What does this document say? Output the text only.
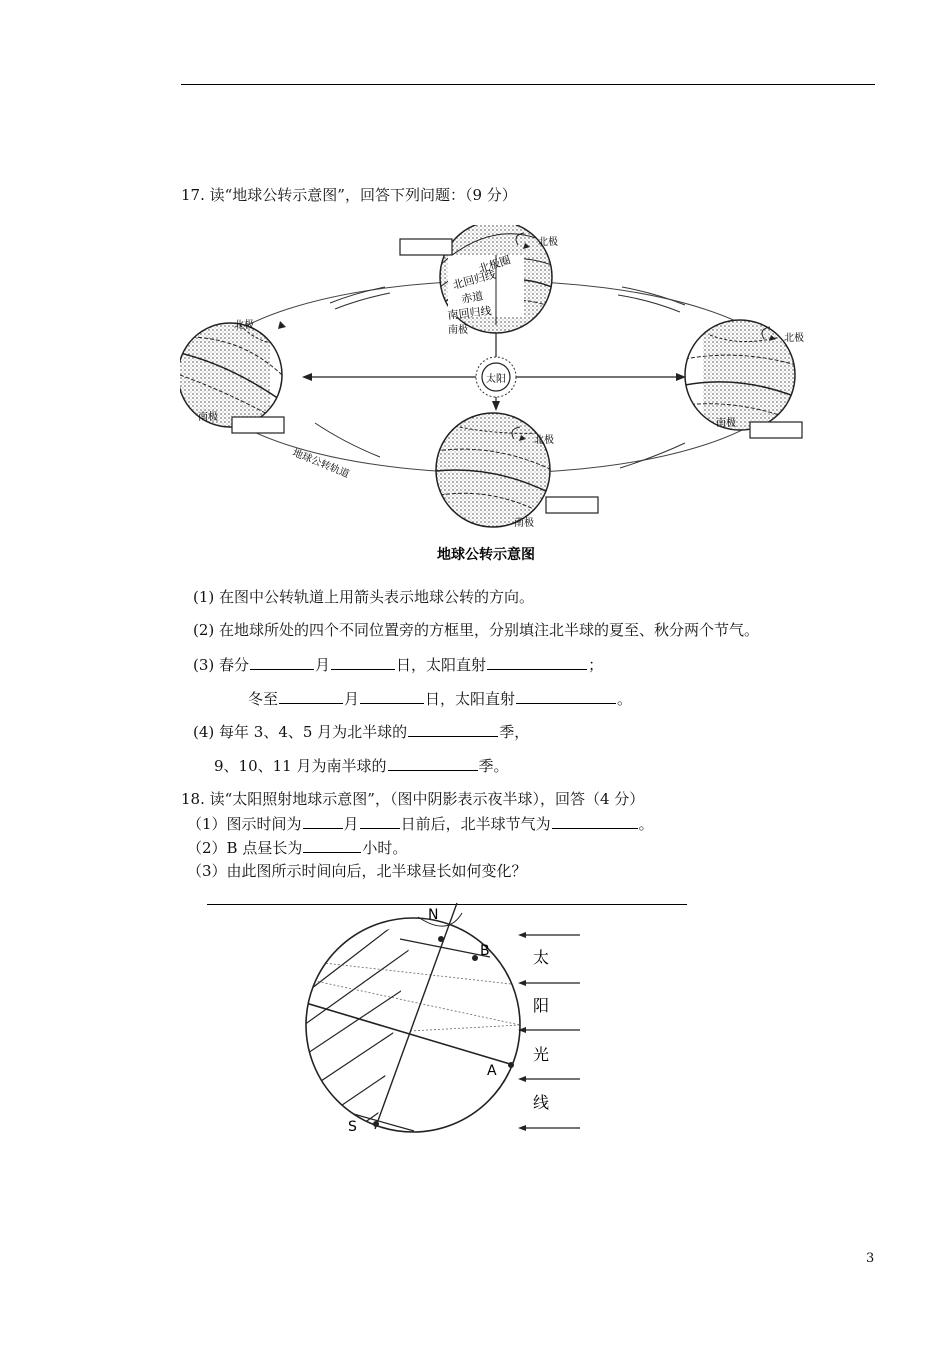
17. 读“地球公转示意图”，回答下列问题：（9 分）
太阳
北极圈
北回归线
赤道
南回归线
北极
南极
北极
南极
北极
南极
北极
南极
地球公转轨道
地球公转示意图
(1) 在图中公转轨道上用箭头表示地球公转的方向。
(2) 在地球所处的四个不同位置旁的方框里，分别填注北半球的夏至、秋分两个节气。
(3) 春分	月	日，太阳直射	；
冬至	月	日，太阳直射	。
(4) 每年 3、4、5 月为北半球的	季，
9、10、11 月为南半球的	季。
18. 读“太阳照射地球示意图”，（图中阴影表示夜半球），回答（4 分）
（1）图示时间为	月	日前后，北半球节气为	。
（2）B 点昼长为	小时。
（3）由此图所示时间向后，北半球昼长如何变化？
N
B
A
S
太
阳
光
线
3
